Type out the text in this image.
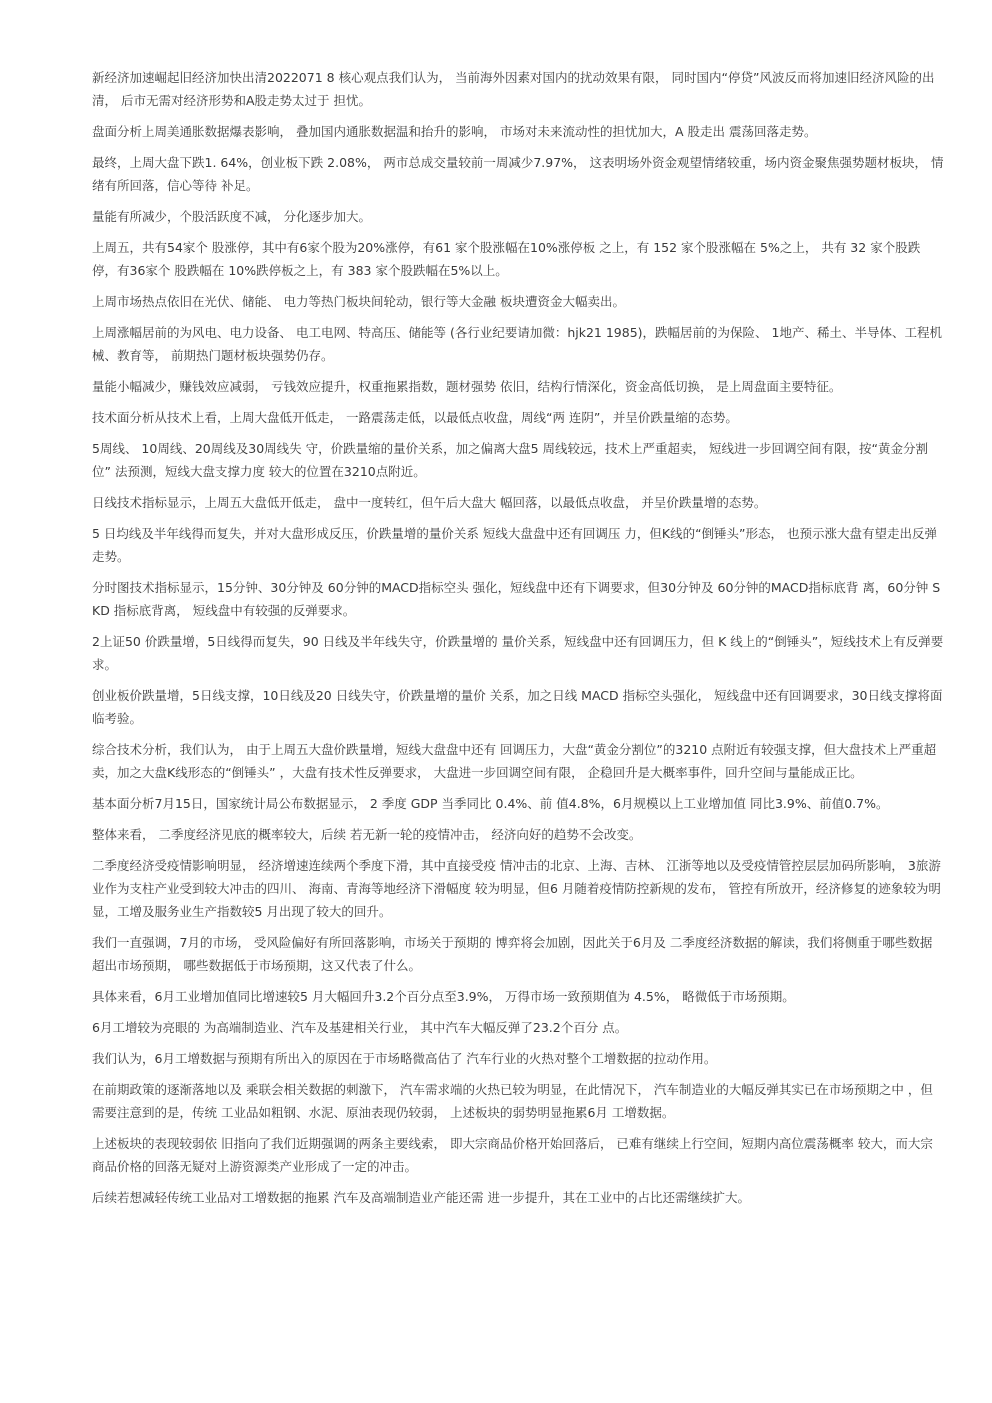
新经济加速崛起旧经济加快出清2022071 8 核心观点我们认为， 当前海外因素对国内的扰动效果有限， 同时国内“停贷”风波反而将加速旧经济风险的出清， 后市无需对经济形势和A股走势太过于 担忧。

盘面分析上周美通胀数据爆表影响， 叠加国内通胀数据温和抬升的影响， 市场对未来流动性的担忧加大，A 股走出 震荡回落走势。

最终，上周大盘下跌1. 64%，创业板下跌 2.08%， 两市总成交量较前一周减少7.97%， 这表明场外资金观望情绪较重，场内资金聚焦强势题材板块， 情绪有所回落，信心等待 补足。

量能有所减少，个股活跃度不减， 分化逐步加大。

上周五，共有54家个 股涨停，其中有6家个股为20%涨停，有61 家个股涨幅在10%涨停板 之上，有 152 家个股涨幅在 5%之上， 共有 32 家个股跌停，有36家个 股跌幅在 10%跌停板之上，有 383 家个股跌幅在5%以上。

上周市场热点依旧在光伏、储能、 电力等热门板块间轮动，银行等大金融 板块遭资金大幅卖出。

上周涨幅居前的为风电、电力设备、 电工电网、特高压、储能等 (各行业纪要请加微：hjk21 1985)，跌幅居前的为保险、 1地产、稀土、半导体、工程机械、教育等， 前期热门题材板块强势仍存。

量能小幅减少，赚钱效应减弱， 亏钱效应提升，权重拖累指数，题材强势 依旧，结构行情深化，资金高低切换， 是上周盘面主要特征。

技术面分析从技术上看，上周大盘低开低走， 一路震荡走低，以最低点收盘，周线“两 连阴”，并呈价跌量缩的态势。

5周线、 10周线、20周线及30周线失 守，价跌量缩的量价关系，加之偏离大盘5 周线较远，技术上严重超卖， 短线进一步回调空间有限，按“黄金分割位” 法预测，短线大盘支撑力度 较大的位置在3210点附近。

日线技术指标显示，上周五大盘低开低走， 盘中一度转红，但午后大盘大 幅回落，以最低点收盘， 并呈价跌量增的态势。

5 日均线及半年线得而复失，并对大盘形成反压，价跌量增的量价关系 短线大盘盘中还有回调压 力，但K线的“倒锤头”形态， 也预示涨大盘有望走出反弹走势。

分时图技术指标显示，15分钟、30分钟及 60分钟的MACD指标空头 强化，短线盘中还有下调要求，但30分钟及 60分钟的MACD指标底背 离，60分钟 SKD 指标底背离， 短线盘中有较强的反弹要求。

2上证50 价跌量增，5日线得而复失，90 日线及半年线失守，价跌量增的 量价关系，短线盘中还有回调压力，但 K 线上的“倒锤头”，短线技术上有反弹要求。

创业板价跌量增，5日线支撑，10日线及20 日线失守，价跌量增的量价 关系，加之日线 MACD 指标空头强化， 短线盘中还有回调要求，30日线支撑将面临考验。

综合技术分析，我们认为， 由于上周五大盘价跌量增，短线大盘盘中还有 回调压力，大盘“黄金分割位”的3210 点附近有较强支撑，但大盘技术上严重超卖，加之大盘K线形态的“倒锤头” ，大盘有技术性反弹要求， 大盘进一步回调空间有限， 企稳回升是大概率事件，回升空间与量能成正比。

基本面分析7月15日，国家统计局公布数据显示， 2 季度 GDP 当季同比 0.4%、前 值4.8%，6月规模以上工业增加值 同比3.9%、前值0.7%。

整体来看， 二季度经济见底的概率较大，后续 若无新一轮的疫情冲击， 经济向好的趋势不会改变。

二季度经济受疫情影响明显， 经济增速连续两个季度下滑，其中直接受疫 情冲击的北京、上海、吉林、 江浙等地以及受疫情管控层层加码所影响， 3旅游业作为支柱产业受到较大冲击的四川、 海南、青海等地经济下滑幅度 较为明显，但6 月随着疫情防控新规的发布， 管控有所放开，经济修复的迹象较为明显，工增及服务业生产指数较5 月出现了较大的回升。

我们一直强调，7月的市场， 受风险偏好有所回落影响，市场关于预期的 博弈将会加剧，因此关于6月及 二季度经济数据的解读，我们将侧重于哪些数据超出市场预期， 哪些数据低于市场预期，这又代表了什么。

具体来看，6月工业增加值同比增速较5 月大幅回升3.2个百分点至3.9%， 万得市场一致预期值为 4.5%， 略微低于市场预期。

6月工增较为亮眼的 为高端制造业、汽车及基建相关行业， 其中汽车大幅反弹了23.2个百分 点。

我们认为，6月工增数据与预期有所出入的原因在于市场略微高估了 汽车行业的火热对整个工增数据的拉动作用。

在前期政策的逐渐落地以及 乘联会相关数据的刺激下， 汽车需求端的火热已较为明显，在此情况下， 汽车制造业的大幅反弹其实已在市场预期之中 ，但需要注意到的是，传统 工业品如粗钢、水泥、原油表现仍较弱， 上述板块的弱势明显拖累6月 工增数据。

上述板块的表现较弱依 旧指向了我们近期强调的两条主要线索， 即大宗商品价格开始回落后， 已难有继续上行空间，短期内高位震荡概率 较大，而大宗商品价格的回落无疑对上游资源类产业形成了一定的冲击。

后续若想减轻传统工业品对工增数据的拖累 汽车及高端制造业产能还需 进一步提升，其在工业中的占比还需继续扩大。
